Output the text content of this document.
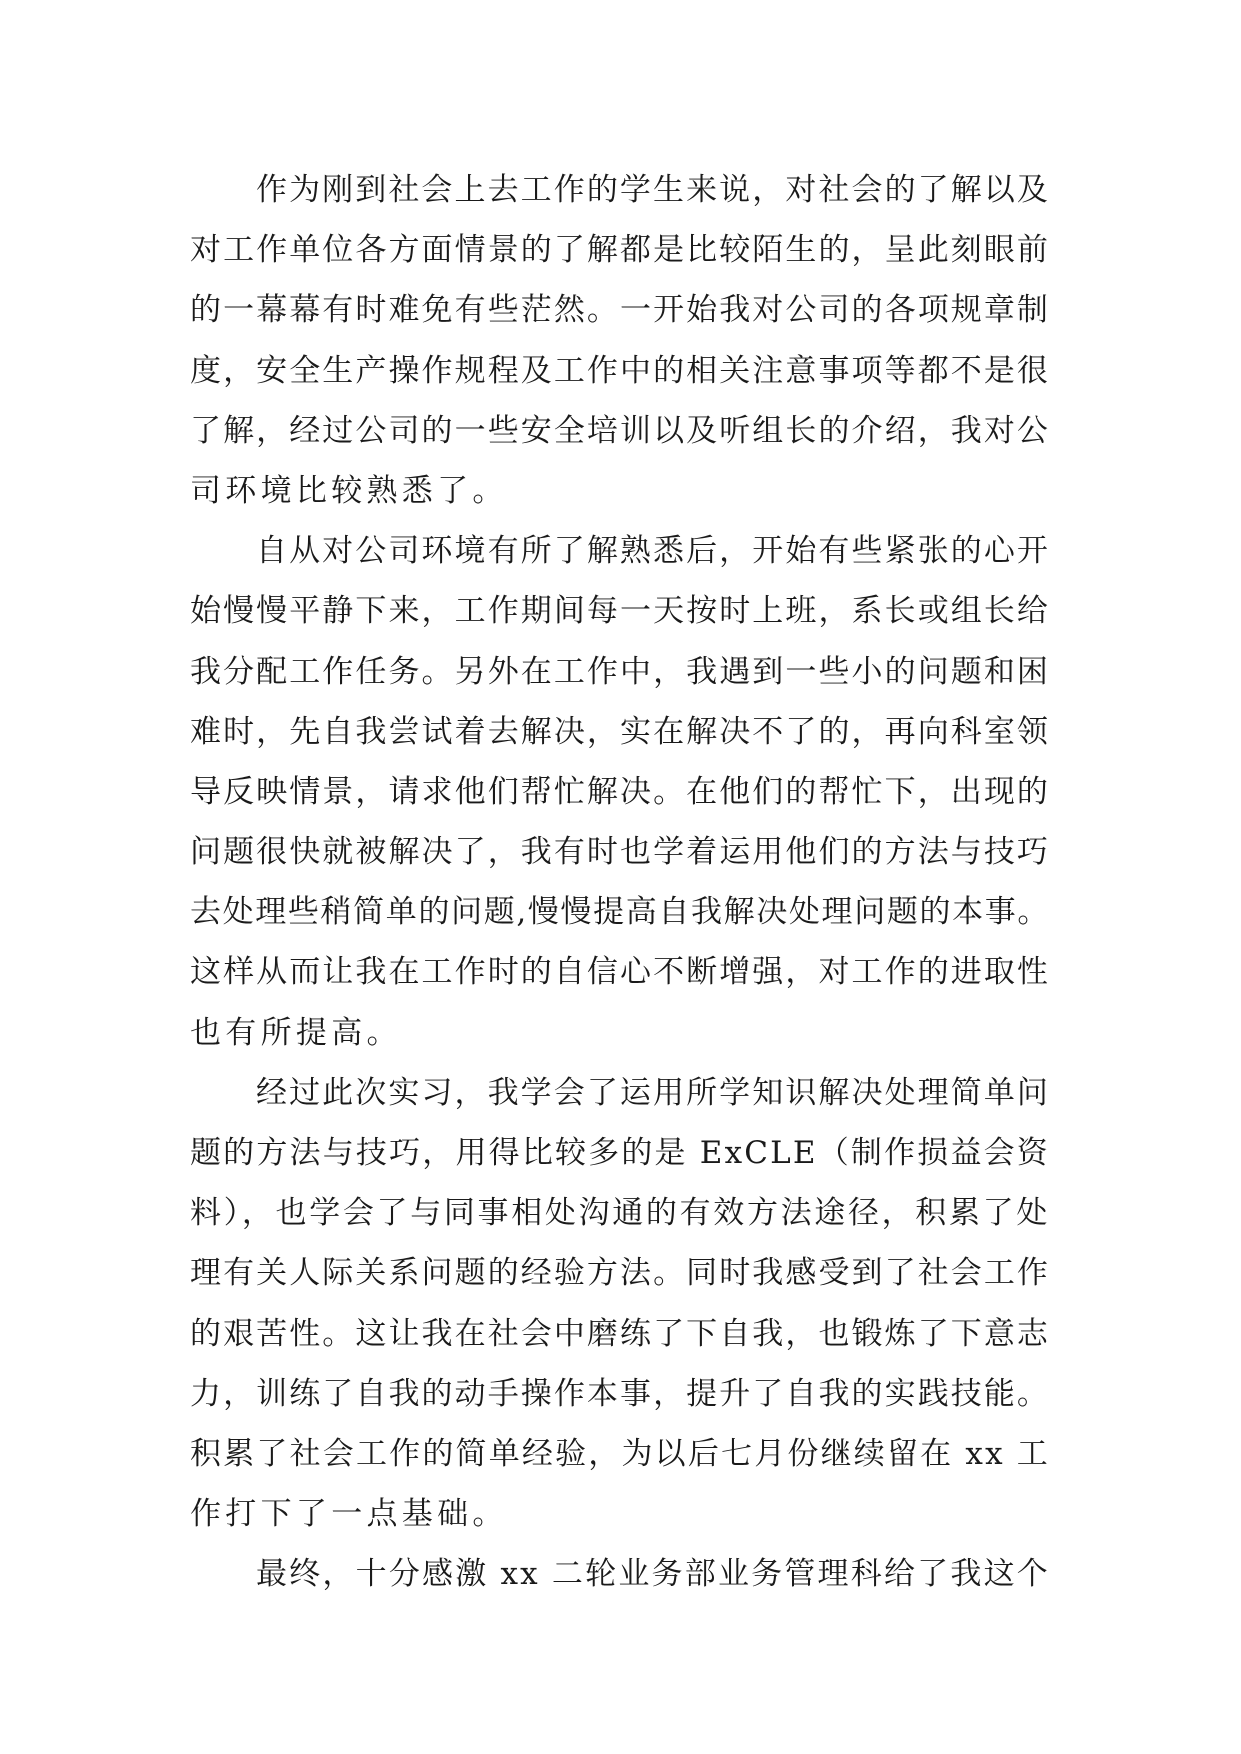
作为刚到社会上去工作的学生来说，对社会的了解以及
对工作单位各方面情景的了解都是比较陌生的，呈此刻眼前
的一幕幕有时难免有些茫然。一开始我对公司的各项规章制
度，安全生产操作规程及工作中的相关注意事项等都不是很
了解，经过公司的一些安全培训以及听组长的介绍，我对公
司环境比较熟悉了。
自从对公司环境有所了解熟悉后，开始有些紧张的心开
始慢慢平静下来，工作期间每一天按时上班，系长或组长给
我分配工作任务。另外在工作中，我遇到一些小的问题和困
难时，先自我尝试着去解决，实在解决不了的，再向科室领
导反映情景，请求他们帮忙解决。在他们的帮忙下，出现的
问题很快就被解决了，我有时也学着运用他们的方法与技巧
去处理些稍简单的问题,慢慢提高自我解决处理问题的本事。
这样从而让我在工作时的自信心不断增强，对工作的进取性
也有所提高。
经过此次实习，我学会了运用所学知识解决处理简单问
题的方法与技巧，用得比较多的是 ExCLE（制作损益会资
料），也学会了与同事相处沟通的有效方法途径，积累了处
理有关人际关系问题的经验方法。同时我感受到了社会工作
的艰苦性。这让我在社会中磨练了下自我，也锻炼了下意志
力，训练了自我的动手操作本事，提升了自我的实践技能。
积累了社会工作的简单经验，为以后七月份继续留在 xx 工
作打下了一点基础。
最终，十分感激 xx 二轮业务部业务管理科给了我这个
